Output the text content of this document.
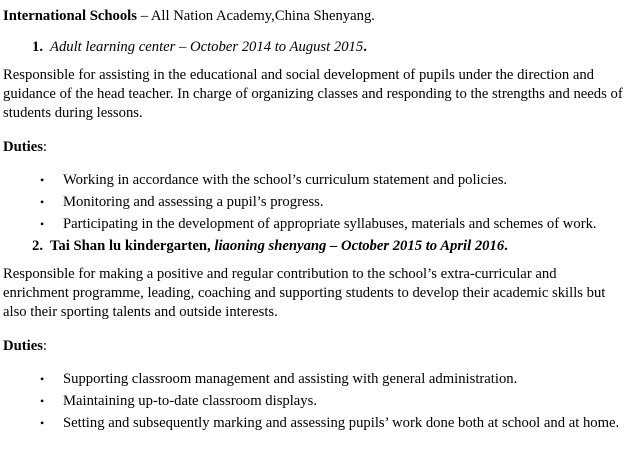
International Schools – All Nation Academy,China Shenyang.

1. Adult learning center – October 2014 to August 2015.

Responsible for assisting in the educational and social development of pupils under the direction and guidance of the head teacher. In charge of organizing classes and responding to the strengths and needs of students during lessons.

Duties:

• Working in accordance with the school’s curriculum statement and policies.
• Monitoring and assessing a pupil’s progress.
• Participating in the development of appropriate syllabuses, materials and schemes of work.
2. Tai Shan lu kindergarten, liaoning shenyang – October 2015 to April 2016.

Responsible for making a positive and regular contribution to the school’s extra-curricular and enrichment programme, leading, coaching and supporting students to develop their academic skills but also their sporting talents and outside interests.

Duties:

• Supporting classroom management and assisting with general administration.
• Maintaining up-to-date classroom displays.
• Setting and subsequently marking and assessing pupils’ work done both at school and at home.
